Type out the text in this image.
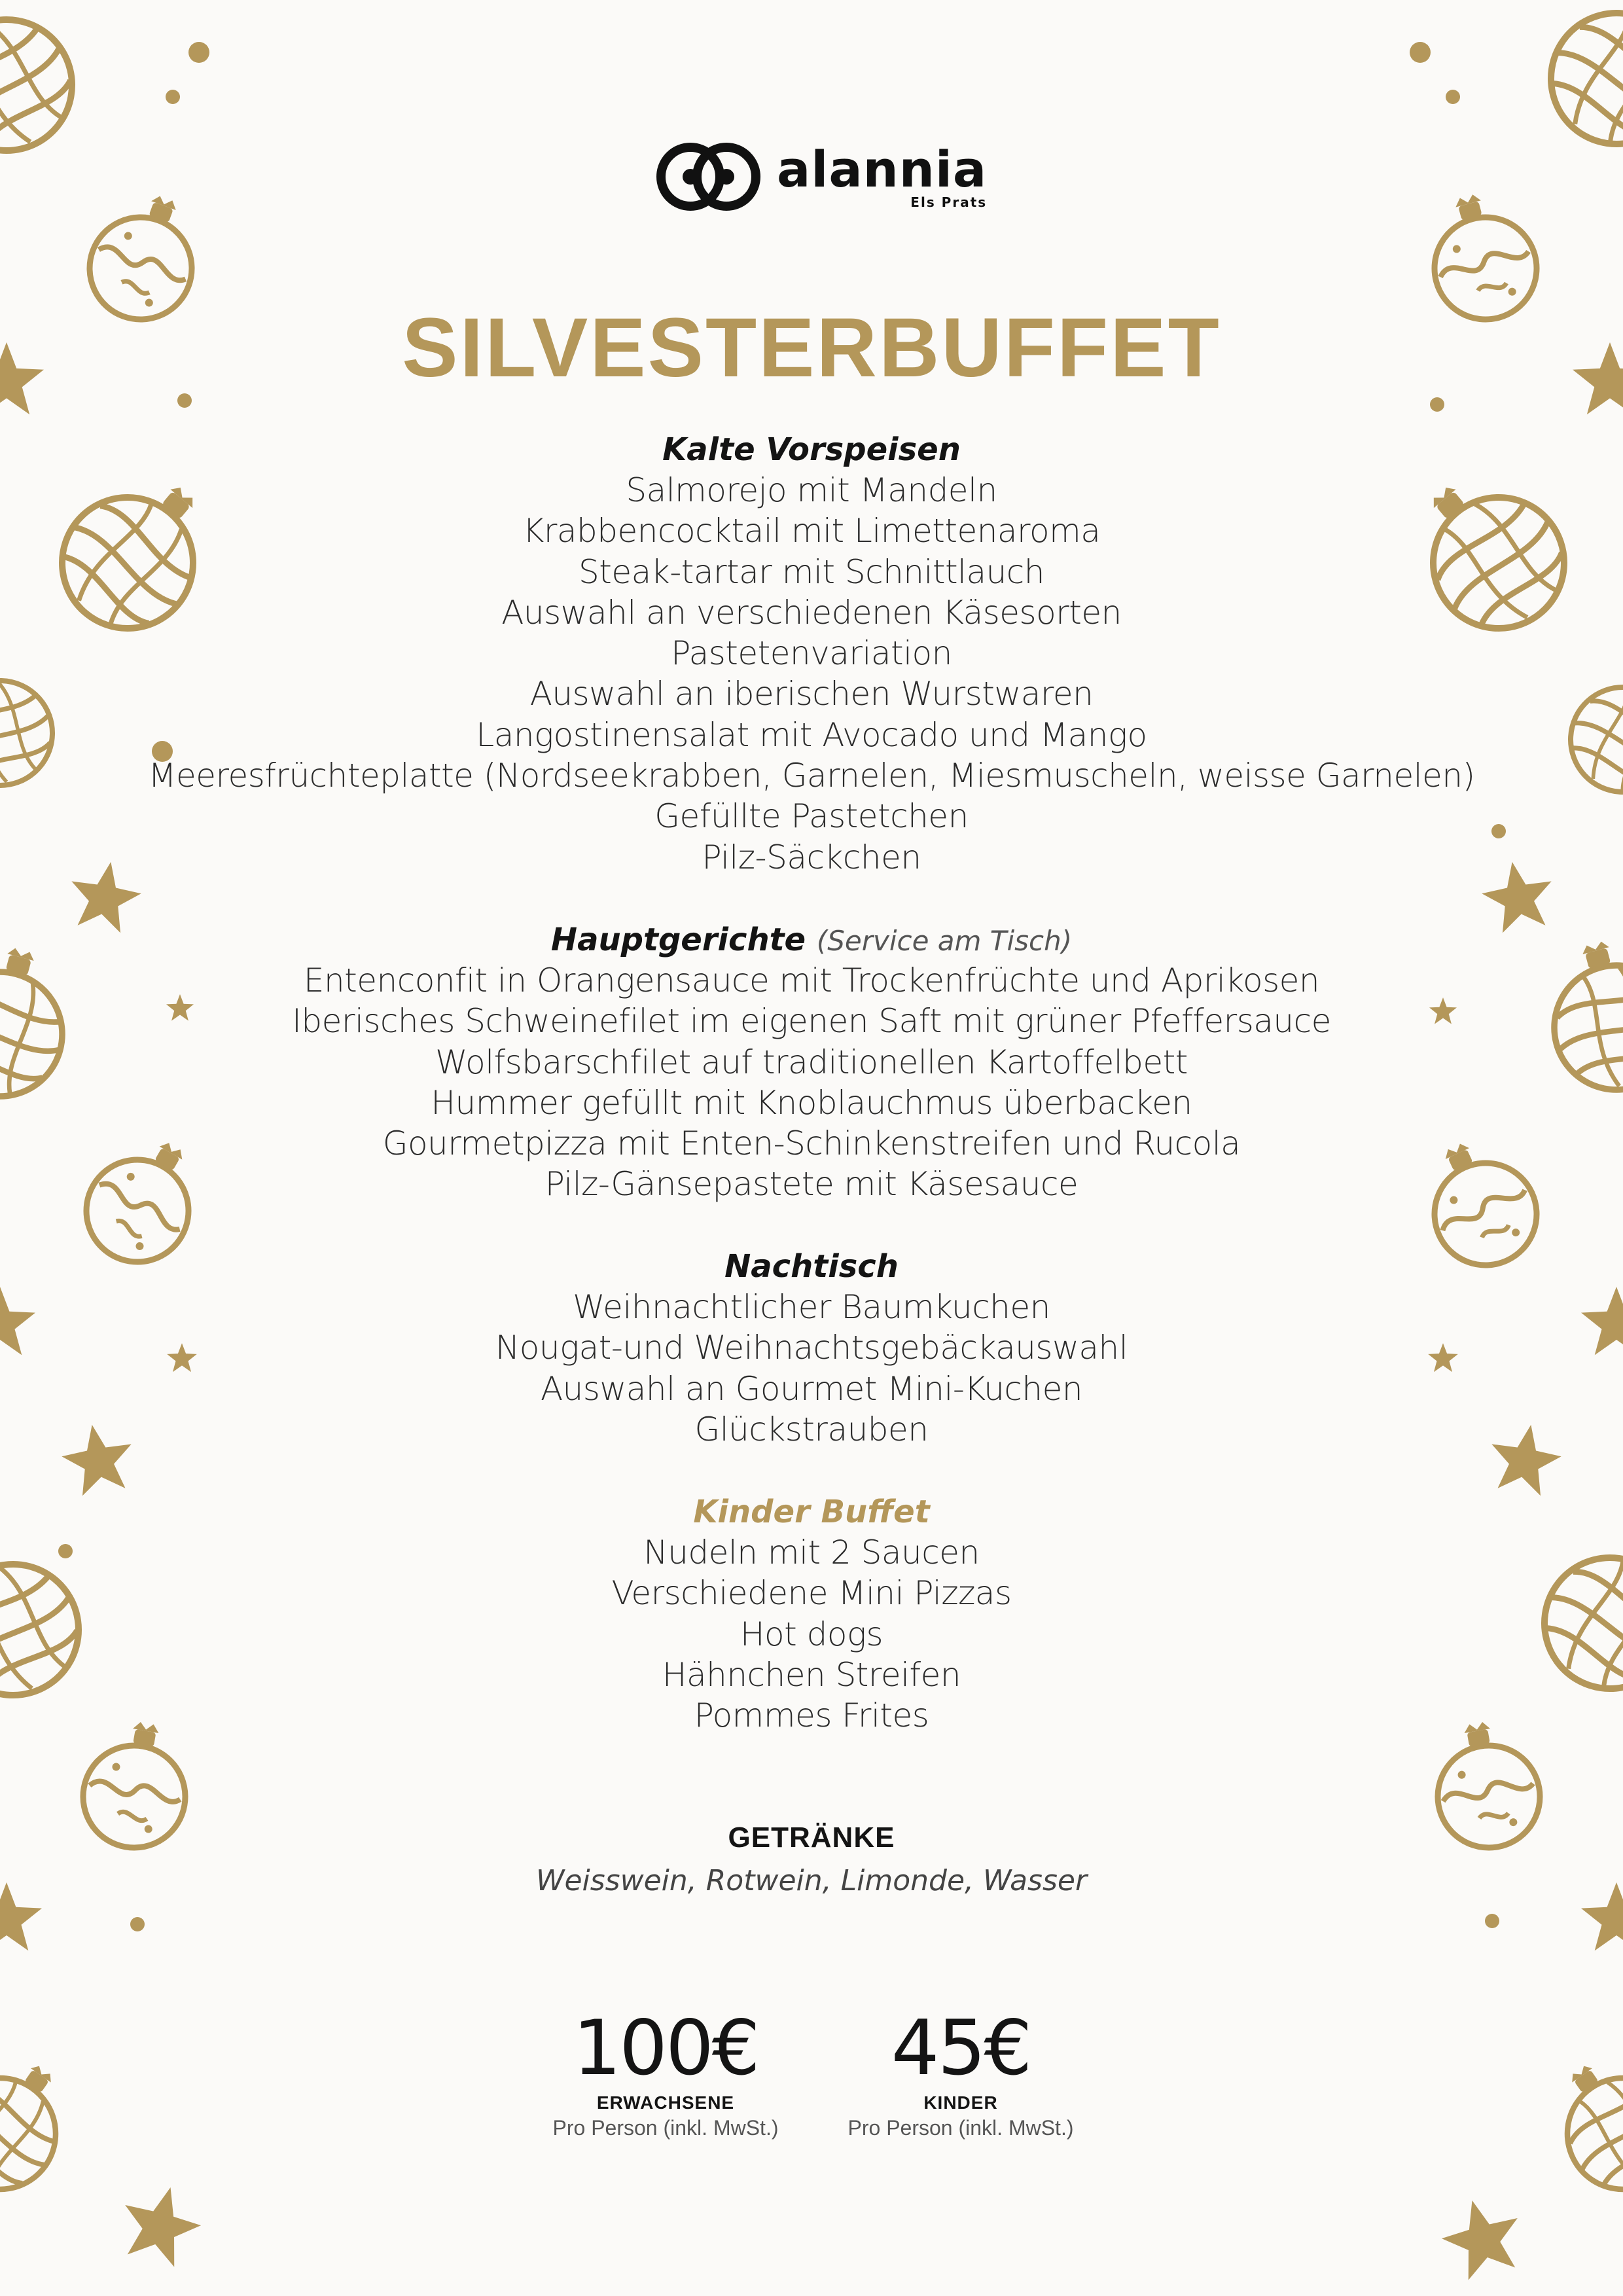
alannia
Els Prats
SILVESTERBUFFET
Kalte Vorspeisen
Salmorejo mit Mandeln
Krabbencocktail mit Limettenaroma
Steak-tartar mit Schnittlauch
Auswahl an verschiedenen Käsesorten
Pastetenvariation
Auswahl an iberischen Wurstwaren
Langostinensalat mit Avocado und Mango
Meeresfrüchteplatte (Nordseekrabben, Garnelen, Miesmuscheln, weisse Garnelen)
Gefüllte Pastetchen
Pilz-Säckchen
Hauptgerichte (Service am Tisch)
Entenconfit in Orangensauce mit Trockenfrüchte und Aprikosen
Iberisches Schweinefilet im eigenen Saft mit grüner Pfeffersauce
Wolfsbarschfilet auf traditionellen Kartoffelbett
Hummer gefüllt mit Knoblauchmus überbacken
Gourmetpizza mit Enten-Schinkenstreifen und Rucola
Pilz-Gänsepastete mit Käsesauce
Nachtisch
Weihnachtlicher Baumkuchen
Nougat-und Weihnachtsgebäckauswahl
Auswahl an Gourmet Mini-Kuchen
Glückstrauben
Kinder Buffet
Nudeln mit 2 Saucen
Verschiedene Mini Pizzas
Hot dogs
Hähnchen Streifen
Pommes Frites
GETRÄNKE
Weisswein, Rotwein, Limonde, Wasser
100€
ERWACHSENE
Pro Person (inkl. MwSt.)
45€
KINDER
Pro Person (inkl. MwSt.)
